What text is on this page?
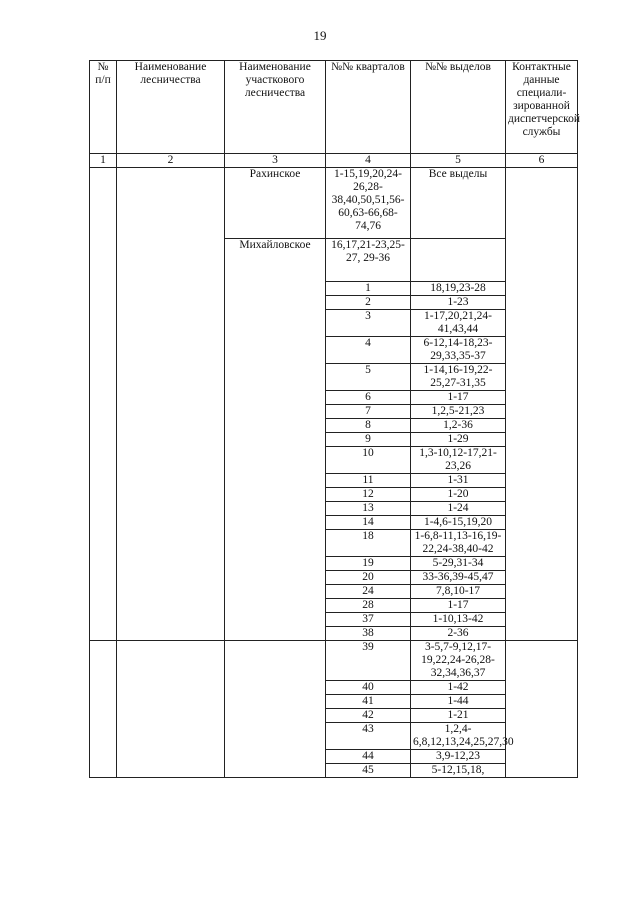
19
№ п/п	Наименование лесничества	Наименование участкового лесничества	№№ кварталов	№№ выделов	Контактные данные специали- зированной диспетчерской службы
1	2	3	4	5	6
		Рахинское	1-15,19,20,24-26,28-38,40,50,51,56-60,63-66,68-74,76	Все выделы	
		Михайловское	16,17,21-23,25-27, 29-36		
			1	18,19,23-28	
			2	1-23	
			3	1-17,20,21,24-41,43,44	
			4	6-12,14-18,23-29,33,35-37	
			5	1-14,16-19,22-25,27-31,35	
			6	1-17	
			7	1,2,5-21,23	
			8	1,2-36	
			9	1-29	
			10	1,3-10,12-17,21-23,26	
			11	1-31	
			12	1-20	
			13	1-24	
			14	1-4,6-15,19,20	
			18	1-6,8-11,13-16,19-22,24-38,40-42	
			19	5-29,31-34	
			20	33-36,39-45,47	
			24	7,8,10-17	
			28	1-17	
			37	1-10,13-42	
			38	2-36	
			39	3-5,7-9,12,17-19,22,24-26,28-32,34,36,37	
			40	1-42	
			41	1-44	
			42	1-21	
			43	1,2,4-6,8,12,13,24,25,27,30	
			44	3,9-12,23	
			45	5-12,15,18,	
